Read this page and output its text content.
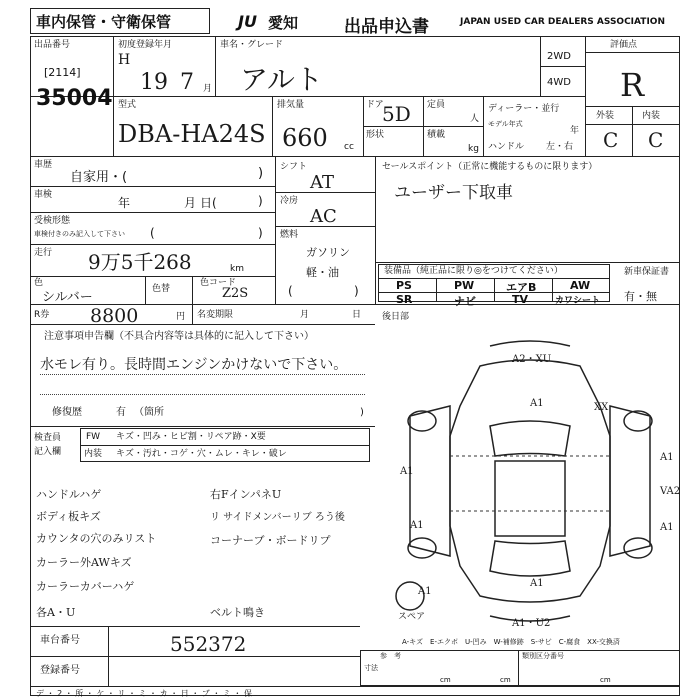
車内保管・守衛保管	JU 愛知	出品申込書	JAPAN USED CAR DEALERS ASSOCIATION
出品番号
[2114]
35004
初度登録年月
H
19 7 月
車名・グレード
アルト
2WD
4WD
評価点
R
外装	内装
C C
型式
DBA-HA24S
排気量
660 cc
ドア
5D 定員
人
形状	積載
kg
ディーラー・並行
モデル年式
年
ハンドル 左・右
車歴
自家用・(	)
車検
年	月 日(	)
受検形態
車検付きのみ記入して下さい (	)
走行 9万5千268	km
色
シルバー
色替
色コード
Z2S
シフト
AT
冷房
AC
燃料
ガソリン
軽・油
(	)
セールスポイント（正常に機能するものに限ります）
ユーザー下取車
装備品（純正品に限り◎をつけてください）
PS	PW	エアB	AW
SR	ナビ	TV	カワシート
新車保証書
有・無
R券 8800	円 名変期限	月	日 後日部
注意事項申告欄（不具合内容等は具体的に記入して下さい）
水モレ有り。長時間エンジンかけないで下さい。
修復歴	有 （箇所	)
検査員
記入欄
FW キズ・凹み・ヒビ割・リペア跡・X要
内装 キズ・汚れ・コゲ・穴・ムレ・キレ・破レ
ハンドルハゲ
ボディ板キズ
カウンタの穴のみリスト
カーラー外AWキズ
カーラーカバーハゲ
各A・U
右FインパネU
リ サイドメンバーリブ ろう後
コーナーブ・ボードリプ
ベルト鳴き
車台番号	552372
登録番号
A2・XU
A1	XX
A1
A1
VA2
A1	A1
A1
A1・U2
A1
スペア
A-キズ　E-エクボ　U-凹み　W-補修跡　S-サビ　C-腐食　XX-交換済
参　考
寸法
類別区分番号
cm	cm	cm
デ ・ 2 ・ 所 ・ ケ ・ リ ・ ミ ・ カ ・ 日 ・ ブ ・ ミ ・ 保
